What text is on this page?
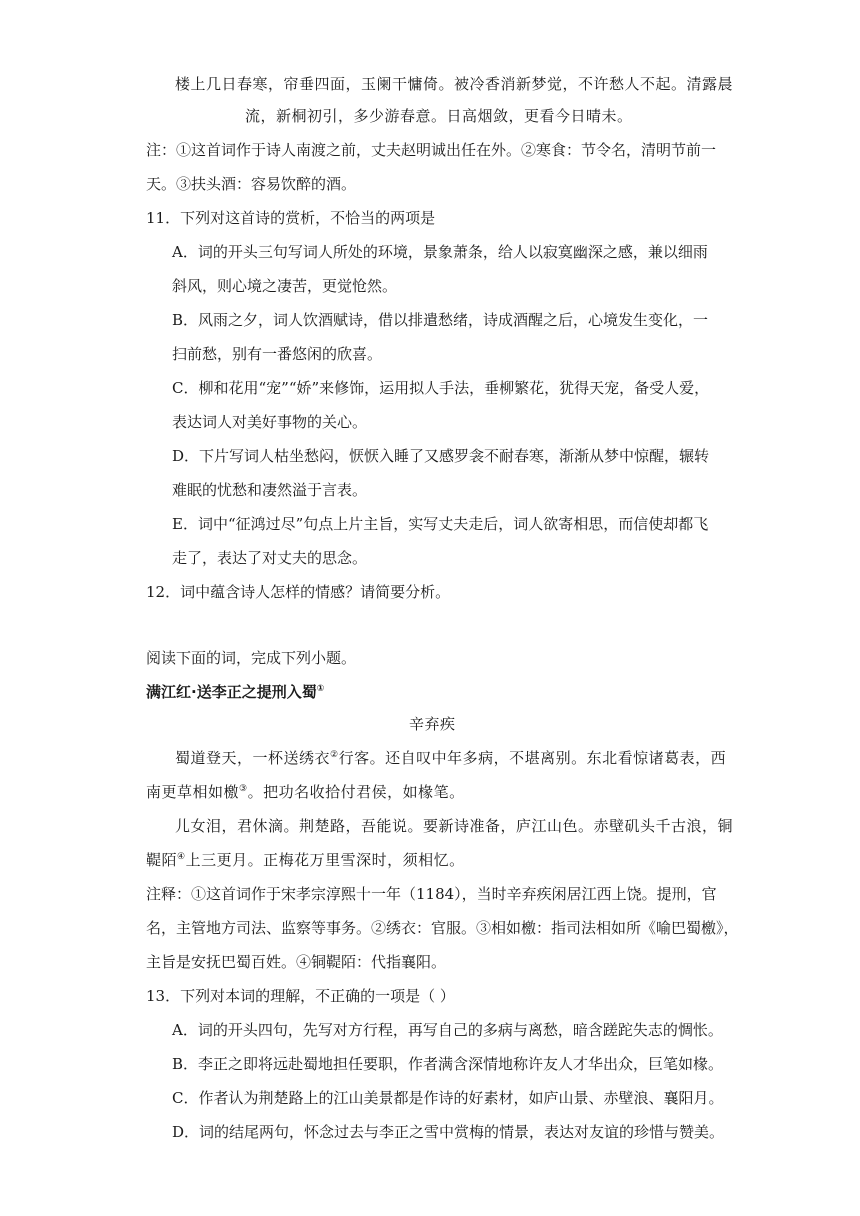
楼上几日春寒，帘垂四面，玉阑干慵倚。被冷香消新梦觉，不许愁人不起。清露晨
流，新桐初引，多少游春意。日高烟敛，更看今日晴未。
注：①这首词作于诗人南渡之前，丈夫赵明诚出任在外。②寒食：节令名，清明节前一
天。③扶头酒：容易饮醉的酒。
11．下列对这首诗的赏析，不恰当的两项是
A．词的开头三句写词人所处的环境，景象萧条，给人以寂寞幽深之感，兼以细雨
斜风，则心境之凄苦，更觉怆然。
B．风雨之夕，词人饮酒赋诗，借以排遣愁绪，诗成酒醒之后，心境发生变化，一
扫前愁，别有一番悠闲的欣喜。
C．柳和花用“宠”“娇”来修饰，运用拟人手法，垂柳繁花，犹得天宠，备受人爱，
表达词人对美好事物的关心。
D．下片写词人枯坐愁闷，恹恹入睡了又感罗衾不耐春寒，渐渐从梦中惊醒，辗转
难眠的忧愁和凄然溢于言表。
E．词中“征鸿过尽”句点上片主旨，实写丈夫走后，词人欲寄相思，而信使却都飞
走了，表达了对丈夫的思念。
12．词中蕴含诗人怎样的情感？请简要分析。
阅读下面的词，完成下列小题。
满江红·送李正之提刑入蜀①
辛弃疾
蜀道登天，一杯送绣衣②行客。还自叹中年多病，不堪离别。东北看惊诸葛表，西
南更草相如檄③。把功名收拾付君侯，如椽笔。
儿女泪，君休滴。荆楚路，吾能说。要新诗准备，庐江山色。赤壁矶头千古浪，铜
鞮陌④上三更月。正梅花万里雪深时，须相忆。
注释：①这首词作于宋孝宗淳熙十一年（1184），当时辛弃疾闲居江西上饶。提刑，官
名，主管地方司法、监察等事务。②绣衣：官服。③相如檄：指司法相如所《喻巴蜀檄》，
主旨是安抚巴蜀百姓。④铜鞮陌：代指襄阳。
13．下列对本词的理解，不正确的一项是（ ）
A．词的开头四句，先写对方行程，再写自己的多病与离愁，暗含蹉跎失志的惆怅。
B．李正之即将远赴蜀地担任要职，作者满含深情地称许友人才华出众，巨笔如椽。
C．作者认为荆楚路上的江山美景都是作诗的好素材，如庐山景、赤壁浪、襄阳月。
D．词的结尾两句，怀念过去与李正之雪中赏梅的情景，表达对友谊的珍惜与赞美。
